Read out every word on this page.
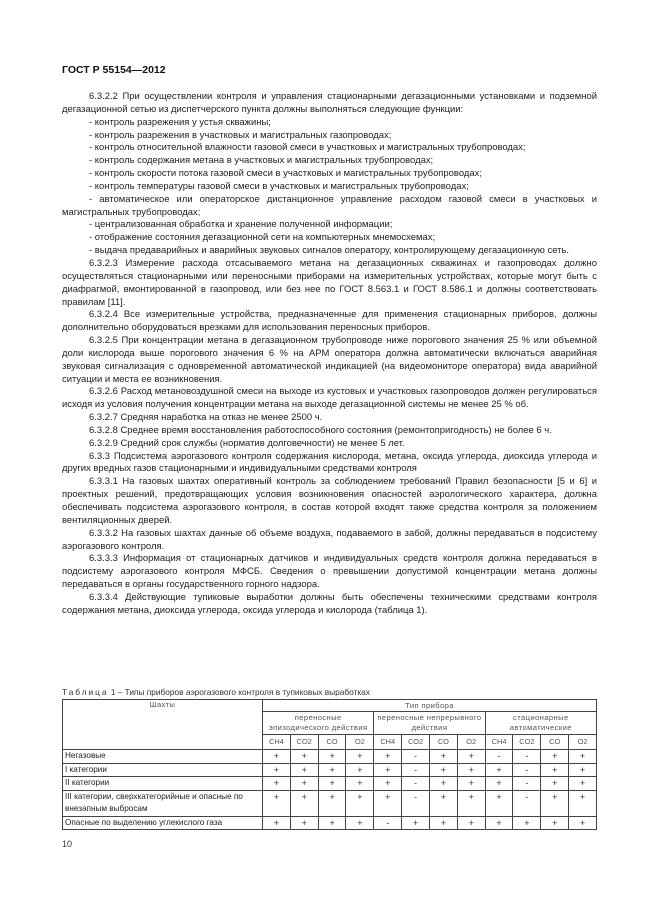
ГОСТ Р 55154—2012

6.3.2.2 При осуществлении контроля и управления стационарными дегазационными установками и подземной дегазационной сетью из диспетчерского пункта должны выполняться следующие функции:

- контроль разрежения у устья скважины;

- контроль разрежения в участковых и магистральных газопроводах;

- контроль относительной влажности газовой смеси в участковых и магистральных трубопроводах;

- контроль содержания метана в участковых и магистральных трубопроводах;

- контроль скорости потока газовой смеси в участковых и магистральных трубопроводах;

- контроль температуры газовой смеси в участковых и магистральных трубопроводах;

- автоматическое или операторское дистанционное управление расходом газовой смеси в участковых и магистральных трубопроводах;

- централизованная обработка и хранение полученной информации;

- отображение состояния дегазационной сети на компьютерных мнемосхемах;

- выдача предаварийных и аварийных звуковых сигналов оператору, контролирующему дегазационную сеть.

6.3.2.3 Измерение расхода отсасываемого метана на дегазационных скважинах и газопроводах должно осуществляться стационарными или переносными приборами на измерительных устройствах, которые могут быть с диафрагмой, вмонтированной в газопровод, или без нее по ГОСТ 8.563.1 и ГОСТ 8.586.1 и должны соответствовать правилам [11].

6.3.2.4 Все измерительные устройства, предназначенные для применения стационарных приборов, должны дополнительно оборудоваться врезками для использования переносных приборов.

6.3.2.5 При концентрации метана в дегазационном трубопроводе ниже порогового значения 25 % или объемной доли кислорода выше порогового значения 6 % на АРМ оператора должна автоматически включаться аварийная звуковая сигнализация с одновременной автоматической индикацией (на видеомониторе оператора) вида аварийной ситуации и места ее возникновения.

6.3.2.6 Расход метановоздушной смеси на выходе из кустовых и участковых газопроводов должен регулироваться исходя из условия получения концентрации метана на выходе дегазационной системы не менее 25 % об.

6.3.2.7 Средняя наработка на отказ не менее 2500 ч.

6.3.2.8 Среднее время восстановления работоспособного состояния (ремонтопригодность) не более 6 ч.

6.3.2.9 Средний срок службы (норматив долговечности) не менее 5 лет.

6.3.3 Подсистема аэрогазового контроля содержания кислорода, метана, оксида углерода, диоксида углерода и других вредных газов стационарными и индивидуальными средствами контроля

6.3.3.1 На газовых шахтах оперативный контроль за соблюдением требований Правил безопасности [5 и 6] и проектных решений, предотвращающих условия возникновения опасностей аэрологического характера, должна обеспечивать подсистема аэрогазового контроля, в состав которой входят также средства контроля за положением вентиляционных дверей.

6.3.3.2 На газовых шахтах данные об объеме воздуха, подаваемого в забой, должны передаваться в подсистему аэрогазового контроля.

6.3.3.3 Информация от стационарных датчиков и индивидуальных средств контроля должна передаваться в подсистему аэрогазового контроля МФСБ. Сведения о превышении допустимой концентрации метана должны передаваться в органы государственного горного надзора.

6.3.3.4 Действующие тупиковые выработки должны быть обеспечены техническими средствами контроля содержания метана, диоксида углерода, оксида углерода и кислорода (таблица 1).

Таблица 1 – Типы приборов аэрогазового контроля в тупиковых выработках
Шахты	Тип прибора											
	переносные эпизодического действия				переносные непрерывного действия				стационарные автоматические			
	CH4	CO2	CO	O2	CH4	CO2	CO	O2	CH4	CO2	CO	O2
Негазовые	+	+	+	+	+	-	+	+	-	-	+	+
I категории	+	+	+	+	+	-	+	+	+	-	+	+
II категории	+	+	+	+	+	-	+	+	+	-	+	+
III категории, сверхкатегорийные и опасные по внезапным выбросам	+	+	+	+	+	-	+	+	+	-	+	+
Опасные по выделению углекислого газа	+	+	+	+	-	+	+	+	+	+	+	+
10
